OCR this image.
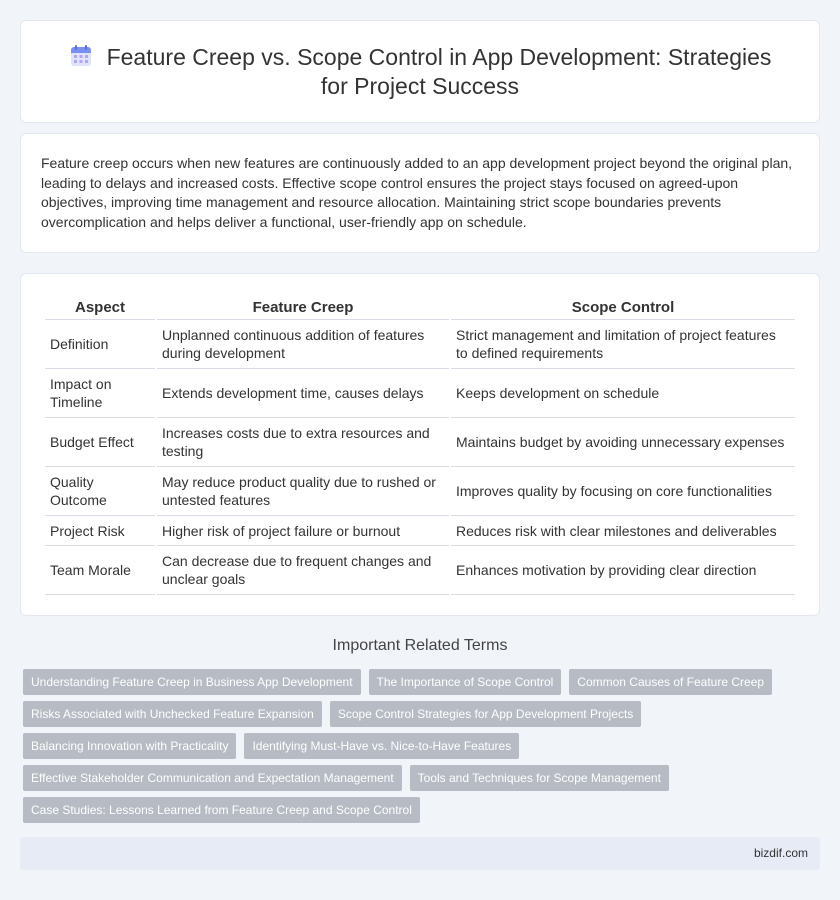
Feature Creep vs. Scope Control in App Development: Strategies for Project Success

Feature creep occurs when new features are continuously added to an app development project beyond the original plan, leading to delays and increased costs. Effective scope control ensures the project stays focused on agreed-upon objectives, improving time management and resource allocation. Maintaining strict scope boundaries prevents overcomplication and helps deliver a functional, user-friendly app on schedule.

Aspect	Feature Creep	Scope Control
Definition	Unplanned continuous addition of features during development	Strict management and limitation of project features to defined requirements
Impact on Timeline	Extends development time, causes delays	Keeps development on schedule
Budget Effect	Increases costs due to extra resources and testing	Maintains budget by avoiding unnecessary expenses
Quality Outcome	May reduce product quality due to rushed or untested features	Improves quality by focusing on core functionalities
Project Risk	Higher risk of project failure or burnout	Reduces risk with clear milestones and deliverables
Team Morale	Can decrease due to frequent changes and unclear goals	Enhances motivation by providing clear direction
Important Related Terms
Understanding Feature Creep in Business App Development	The Importance of Scope Control	Common Causes of Feature Creep
Risks Associated with Unchecked Feature Expansion	Scope Control Strategies for App Development Projects
Balancing Innovation with Practicality	Identifying Must-Have vs. Nice-to-Have Features
Effective Stakeholder Communication and Expectation Management	Tools and Techniques for Scope Management
Case Studies: Lessons Learned from Feature Creep and Scope Control
bizdif.com
